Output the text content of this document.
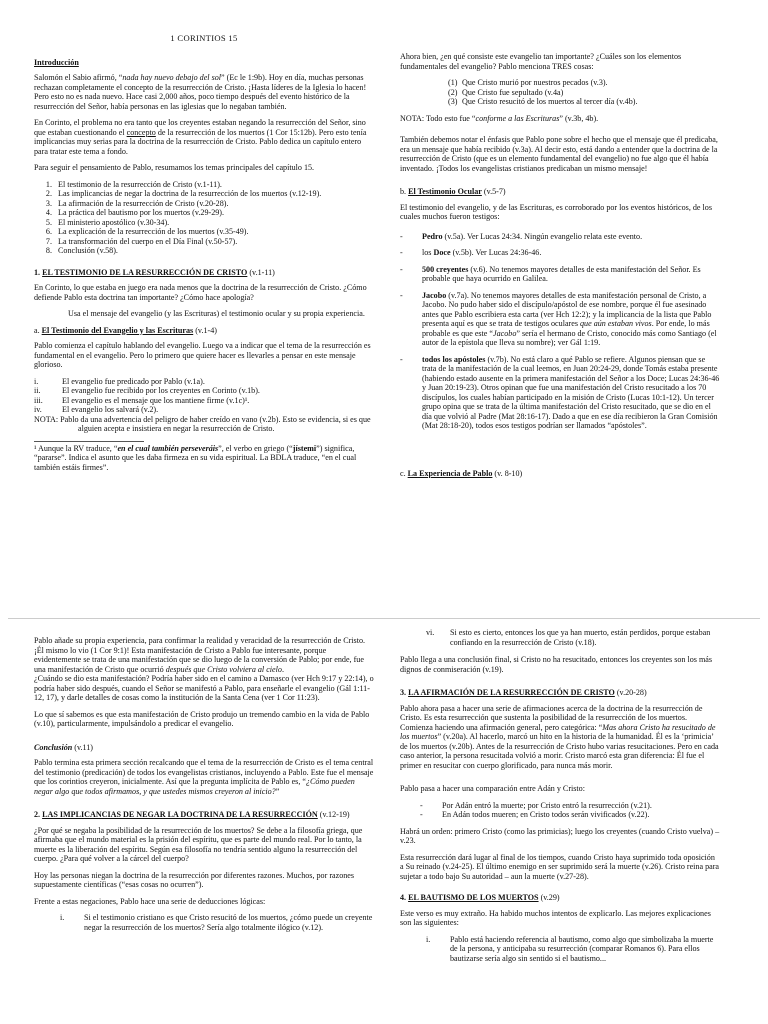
1 CORINTIOS 15

Introducción

Salomón el Sabio afirmó, “nada hay nuevo debajo del sol” (Ec le 1:9b). Hoy en día, muchas personas rechazan completamente el concepto de la resurrección de Cristo. ¡Hasta líderes de la Iglesia lo hacen! Pero esto no es nada nuevo. Hace casi 2,000 años, poco tiempo después del evento histórico de la resurrección del Señor, había personas en las iglesias que lo negaban también.

En Corinto, el problema no era tanto que los creyentes estaban negando la resurrección del Señor, sino que estaban cuestionando el concepto de la resurrección de los muertos (1 Cor 15:12b). Pero esto tenía implicancias muy serias para la doctrina de la resurrección de Cristo. Pablo dedica un capítulo entero para tratar este tema a fondo.

Para seguir el pensamiento de Pablo, resumamos los temas principales del capítulo 15.

1. El testimonio de la resurrección de Cristo (v.1-11).
2. Las implicancias de negar la doctrina de la resurrección de los muertos (v.12-19).
3. La afirmación de la resurrección de Cristo (v.20-28).
4. La práctica del bautismo por los muertos (v.29-29).
5. El ministerio apostólico (v.30-34).
6. La explicación de la resurrección de los muertos (v.35-49).
7. La transformación del cuerpo en el Día Final (v.50-57).
8. Conclusión (v.58).

1. EL TESTIMONIO DE LA RESURRECCIÓN DE CRISTO (v.1-11)

En Corinto, lo que estaba en juego era nada menos que la doctrina de la resurrección de Cristo. ¿Cómo defiende Pablo esta doctrina tan importante? ¿Cómo hace apología?

Usa el mensaje del evangelio (y las Escrituras) el testimonio ocular y su propia experiencia.

a. El Testimonio del Evangelio y las Escrituras (v.1-4)

Pablo comienza el capítulo hablando del evangelio. Luego va a indicar que el tema de la resurrección es fundamental en el evangelio. Pero lo primero que quiere hacer es llevarles a pensar en este mensaje glorioso.

i.	El evangelio fue predicado por Pablo (v.1a).
ii.	El evangelio fue recibido por los creyentes en Corinto (v.1b).
iii.	El evangelio es el mensaje que los mantiene firme (v.1c)¹.
iv.	El evangelio los salvará (v.2).

NOTA: Pablo da una advertencia del peligro de haber creído en vano (v.2b). Esto se evidencia, si es que alguien acepta e insistiera en negar la resurrección de Cristo.

¹ Aunque la RV traduce, “en el cual también perseveráis”, el verbo en griego (“jístemi”) significa, “pararse”. Indica el asunto que les daba firmeza en su vida espiritual. La BDLA traduce, “en el cual también estáis firmes”.

Ahora bien, ¿en qué consiste este evangelio tan importante? ¿Cuáles son los elementos fundamentales del evangelio? Pablo menciona TRES cosas:

(1) Que Cristo murió por nuestros pecados (v.3).
(2) Que Cristo fue sepultado (v.4a)
(3) Que Cristo resucitó de los muertos al tercer día (v.4b).

NOTA: Todo esto fue “conforme a las Escrituras” (v.3b, 4b).

También debemos notar el énfasis que Pablo pone sobre el hecho que el mensaje que él predicaba, era un mensaje que había recibido (v.3a). Al decir esto, está dando a entender que la doctrina de la resurrección de Cristo (que es un elemento fundamental del evangelio) no fue algo que él había inventado. ¡Todos los evangelistas cristianos predicaban un mismo mensaje!

b. El Testimonio Ocular (v.5-7)

El testimonio del evangelio, y de las Escrituras, es corroborado por los eventos históricos, de los cuales muchos fueron testigos:

- Pedro (v.5a). Ver Lucas 24:34. Ningún evangelio relata este evento.
- los Doce (v.5b). Ver Lucas 24:36-46.
- 500 creyentes (v.6). No tenemos mayores detalles de esta manifestación del Señor. Es probable que haya ocurrido en Galilea.
- Jacobo (v.7a). No tenemos mayores detalles de esta manifestación personal de Cristo, a Jacobo. No pudo haber sido el discípulo/apóstol de ese nombre, porque él fue asesinado antes que Pablo escribiera esta carta (ver Hch 12:2); y la implicancia de la lista que Pablo presenta aquí es que se trata de testigos oculares que aún estaban vivos. Por ende, lo más probable es que este “Jacobo” sería el hermano de Cristo, conocido más como Santiago (el autor de la epístola que lleva su nombre); ver Gál 1:19.
- todos los apóstoles (v.7b). No está claro a qué Pablo se refiere. Algunos piensan que se trata de la manifestación de la cual leemos, en Juan 20:24-29, donde Tomás estaba presente (habiendo estado ausente en la primera manifestación del Señor a los Doce; Lucas 24:36-46 y Juan 20:19-23). Otros opinan que fue una manifestación del Cristo resucitado a los 70 discípulos, los cuales habían participado en la misión de Cristo (Lucas 10:1-12). Un tercer grupo opina que se trata de la última manifestación del Cristo resucitado, que se dio en el día que volvió al Padre (Mat 28:16-17). Dado a que en ese día recibieron la Gran Comisión (Mat 28:18-20), todos esos testigos podrían ser llamados “apóstoles”.

c. La Experiencia de Pablo (v. 8-10)

Pablo añade su propia experiencia, para confirmar la realidad y veracidad de la resurrección de Cristo. ¡Él mismo lo vio (1 Cor 9:1)! Esta manifestación de Cristo a Pablo fue interesante, porque evidentemente se trata de una manifestación que se dio luego de la conversión de Pablo; por ende, fue una manifestación de Cristo que ocurrió después que Cristo volviera al cielo.
¿Cuándo se dio esta manifestación? Podría haber sido en el camino a Damasco (ver Hch 9:17 y 22:14), o podría haber sido después, cuando el Señor se manifestó a Pablo, para enseñarle el evangelio (Gál 1:11-12, 17), y darle detalles de cosas como la institución de la Santa Cena (ver 1 Cor 11:23).

Lo que sí sabemos es que esta manifestación de Cristo produjo un tremendo cambio en la vida de Pablo (v.10), particularmente, impulsándolo a predicar el evangelio.

Conclusión (v.11)

Pablo termina esta primera sección recalcando que el tema de la resurrección de Cristo es el tema central del testimonio (predicación) de todos los evangelistas cristianos, incluyendo a Pablo. Este fue el mensaje que los corintios creyeron, inicialmente. Así que la pregunta implícita de Pablo es, “¿Cómo pueden negar algo que todos afirmamos, y que ustedes mismos creyeron al inicio?”

2. LAS IMPLICANCIAS DE NEGAR LA DOCTRINA DE LA RESURRECCIÓN (v.12-19)

¿Por qué se negaba la posibilidad de la resurrección de los muertos? Se debe a la filosofía griega, que afirmaba que el mundo material es la prisión del espíritu, que es parte del mundo real. Por lo tanto, la muerte es la liberación del espíritu. Según esa filosofía no tendría sentido alguno la resurrección del cuerpo. ¿Para qué volver a la cárcel del cuerpo?

Hoy las personas niegan la doctrina de la resurrección por diferentes razones. Muchos, por razones supuestamente científicas (“esas cosas no ocurren”).

Frente a estas negaciones, Pablo hace una serie de deducciones lógicas:

i.	Si el testimonio cristiano es que Cristo resucitó de los muertos, ¿cómo puede un creyente negar la resurrección de los muertos? Sería algo totalmente ilógico (v.12).
vi.	Si esto es cierto, entonces los que ya han muerto, están perdidos, porque estaban confiando en la resurrección de Cristo (v.18).

Pablo llega a una conclusión final, si Cristo no ha resucitado, entonces los creyentes son los más dignos de conmiseración (v.19).

3. LA AFIRMACIÓN DE LA RESURRECCIÓN DE CRISTO (v.20-28)

Pablo ahora pasa a hacer una serie de afirmaciones acerca de la doctrina de la resurrección de Cristo. Es esta resurrección que sustenta la posibilidad de la resurrección de los muertos. Comienza haciendo una afirmación general, pero categórica: “Mas ahora Cristo ha resucitado de los muertos” (v.20a). Al hacerlo, marcó un hito en la historia de la humanidad. Él es la ‘primicia’ de los muertos (v.20b). Antes de la resurrección de Cristo hubo varias resucitaciones. Pero en cada caso anterior, la persona resucitada volvió a morir. Cristo marcó esta gran diferencia: Él fue el primer en resucitar con cuerpo glorificado, para nunca más morir.

Pablo pasa a hacer una comparación entre Adán y Cristo:

- Por Adán entró la muerte; por Cristo entró la resurrección (v.21).
- En Adán todos mueren; en Cristo todos serán vivificados (v.22).

Habrá un orden: primero Cristo (como las primicias); luego los creyentes (cuando Cristo vuelva) – v.23.

Esta resurrección dará lugar al final de los tiempos, cuando Cristo haya suprimido toda oposición a Su reinado (v.24-25). El último enemigo en ser suprimido será la muerte (v.26). Cristo reina para sujetar a todo bajo Su autoridad – aun la muerte (v.27-28).

4. EL BAUTISMO DE LOS MUERTOS (v.29)

Este verso es muy extraño. Ha habido muchos intentos de explicarlo. Las mejores explicaciones son las siguientes:

i.	Pablo está haciendo referencia al bautismo, como algo que simbolizaba la muerte de la persona, y anticipaba su resurrección (comparar Romanos 6). Para ellos bautizarse sería algo sin sentido si el bautismo...
